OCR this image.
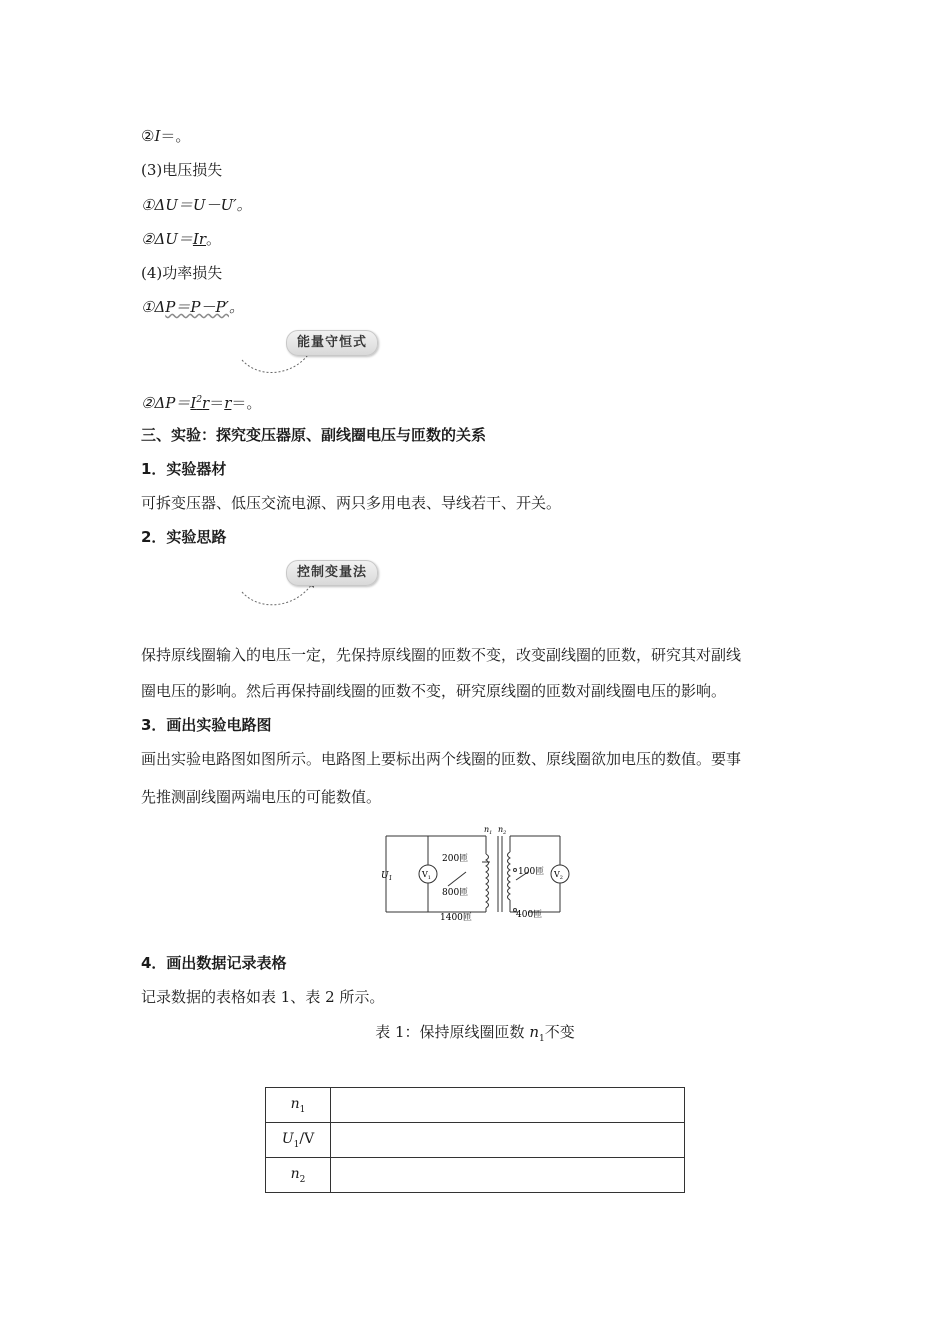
②I＝。
(3)电压损失
①ΔU＝U－U′。
②ΔU＝Ir。
(4)功率损失
①ΔP＝P－P′。
能量守恒式
$②\Delta P=I^2r=r=$。
三、实验：探究变压器原、副线圈电压与匝数的关系
1．实验器材
可拆变压器、低压交流电源、两只多用电表、导线若干、开关。
2．实验思路
控制变量法
保持原线圈输入的电压一定，先保持原线圈的匝数不变，改变副线圈的匝数，研究其对副线
圈电压的影响。然后再保持副线圈的匝数不变，研究原线圈的匝数对副线圈电压的影响。
3．画出实验电路图
画出实验电路图如图所示。电路图上要标出两个线圈的匝数、原线圈欲加电压的数值。要事
先推测副线圈两端电压的可能数值。
$U_1$	$V_1$	$V_2$
$n_1$ $n_2$
200匝
800匝
1400匝
100匝
400匝
4．画出数据记录表格
记录数据的表格如表 1、表 2 所示。
表 1：保持原线圈匝数 $n_1$不变
$n_1$	
$U_1/V$	
$n_2$	
